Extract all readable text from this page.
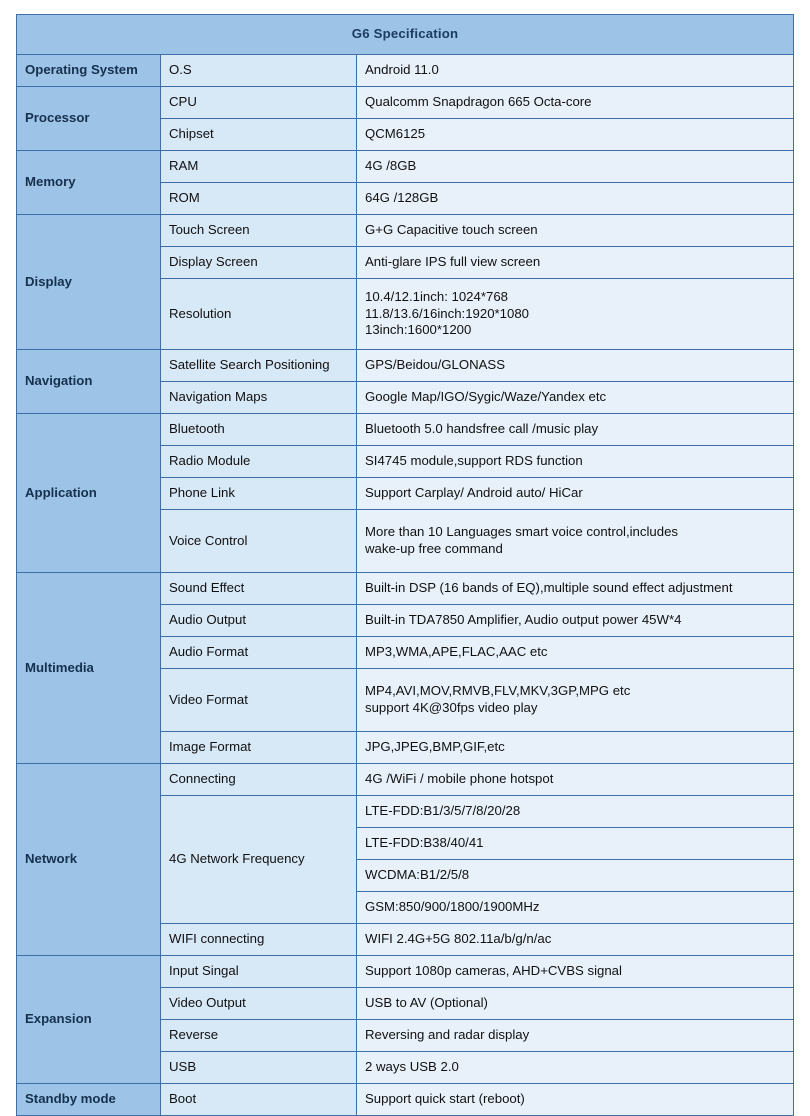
G6 Specification		
Operating System	O.S	Android 11.0
Processor	CPU	Qualcomm Snapdragon 665 Octa-core
	Chipset	QCM6125
Memory	RAM	4G /8GB
	ROM	64G /128GB
Display	Touch Screen	G+G Capacitive touch screen
	Display Screen	Anti-glare IPS full view screen
	Resolution	10.4/12.1inch: 1024*768
11.8/13.6/16inch:1920*1080
13inch:1600*1200

Navigation	Satellite Search Positioning	GPS/Beidou/GLONASS
	Navigation Maps	Google Map/IGO/Sygic/Waze/Yandex etc
Application	Bluetooth	Bluetooth 5.0 handsfree call /music play
	Radio Module	SI4745 module,support RDS function
	Phone Link	Support Carplay/ Android auto/ HiCar
	Voice Control	More than 10 Languages smart voice control,includes
wake-up free command

Multimedia	Sound Effect	Built-in DSP (16 bands of EQ),multiple sound effect adjustment
	Audio Output	Built-in TDA7850 Amplifier, Audio output power 45W*4
	Audio Format	MP3,WMA,APE,FLAC,AAC etc
	Video Format	MP4,AVI,MOV,RMVB,FLV,MKV,3GP,MPG etc
support 4K@30fps video play

	Image Format	JPG,JPEG,BMP,GIF,etc
Network	Connecting	4G /WiFi / mobile phone hotspot
	4G Network Frequency	LTE-FDD:B1/3/5/7/8/20/28
		LTE-FDD:B38/40/41
		WCDMA:B1/2/5/8
		GSM:850/900/1800/1900MHz
	WIFI connecting	WIFI 2.4G+5G 802.11a/b/g/n/ac
Expansion	Input Singal	Support 1080p cameras, AHD+CVBS signal
	Video Output	USB to AV (Optional)
	Reverse	Reversing and radar display
	USB	2 ways USB 2.0
Standby mode	Boot	Support quick start (reboot)
